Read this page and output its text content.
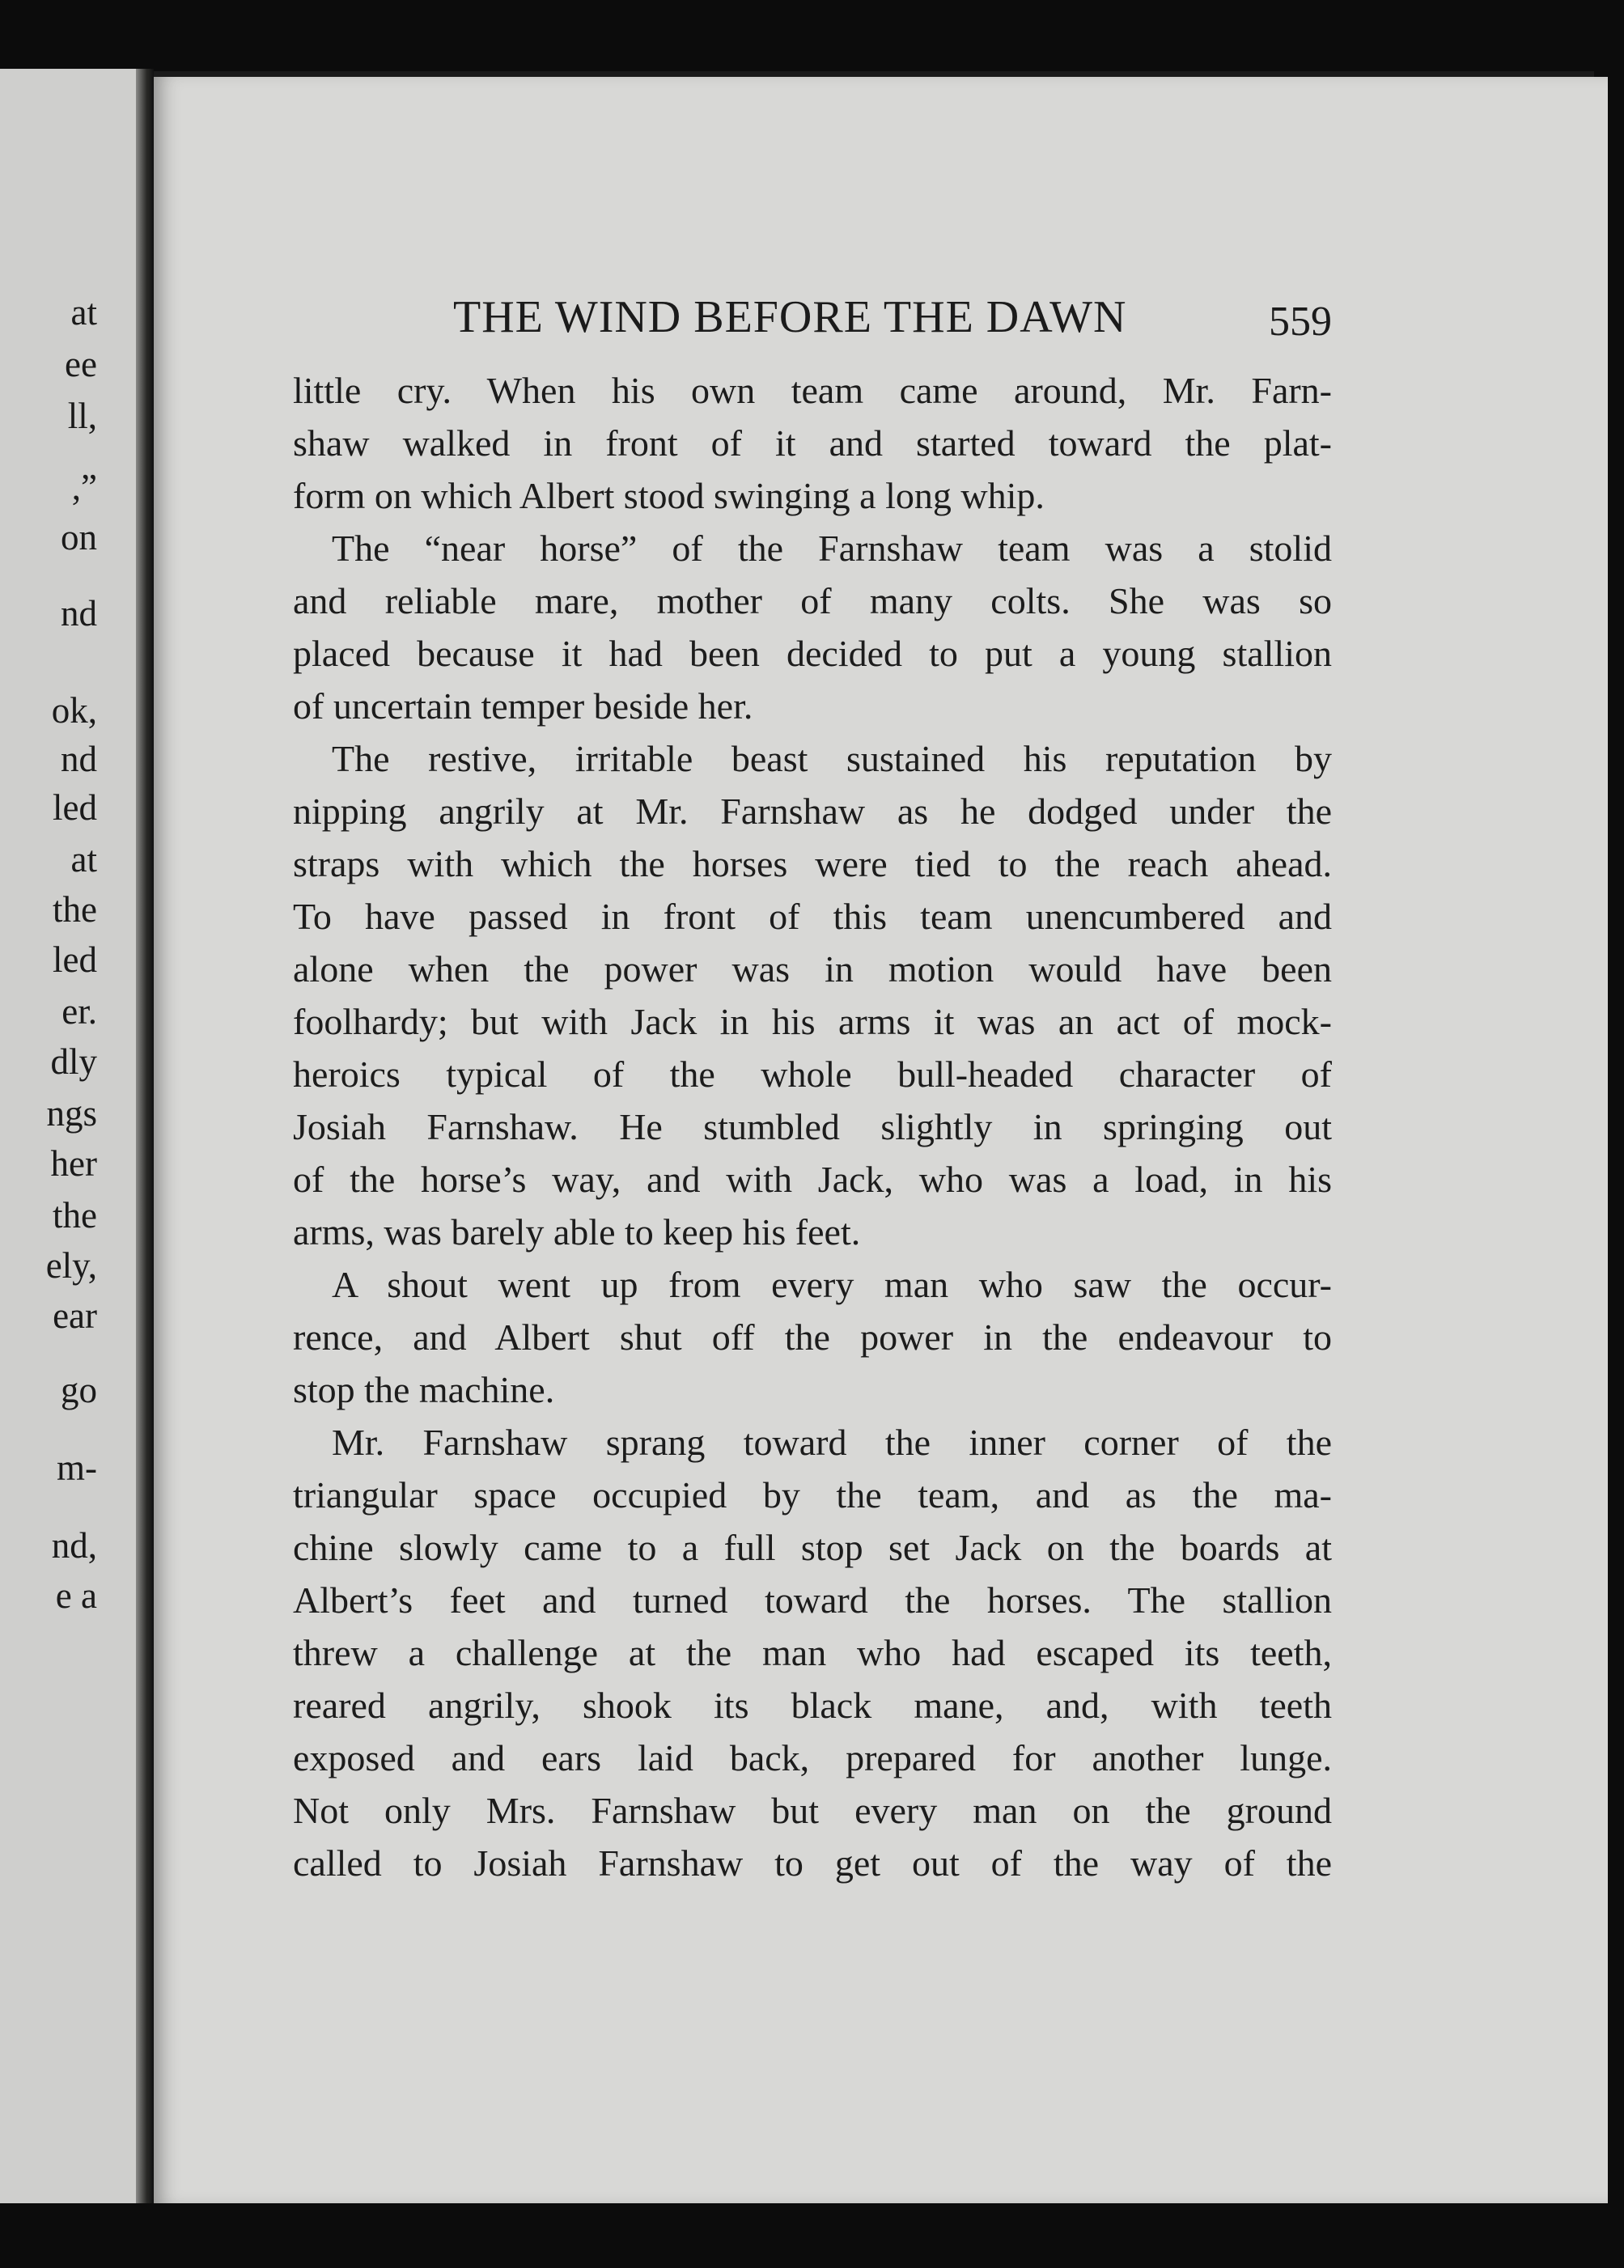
at
ee
ll,
,”
on
nd
ok,
nd
led
at
the
led
er.
dly
ngs
her
the
ely,
ear
go
m-
nd,
e a
THE WIND BEFORE THE DAWN	559
little cry. When his own team came around, Mr. Farn-
shaw walked in front of it and started toward the plat-
form on which Albert stood swinging a long whip.
The “near horse” of the Farnshaw team was a stolid
and reliable mare, mother of many colts. She was so
placed because it had been decided to put a young stallion
of uncertain temper beside her.
The restive, irritable beast sustained his reputation by
nipping angrily at Mr. Farnshaw as he dodged under the
straps with which the horses were tied to the reach ahead.
To have passed in front of this team unencumbered and
alone when the power was in motion would have been
foolhardy; but with Jack in his arms it was an act of mock-
heroics typical of the whole bull-headed character of
Josiah Farnshaw. He stumbled slightly in springing out
of the horse’s way, and with Jack, who was a load, in his
arms, was barely able to keep his feet.
A shout went up from every man who saw the occur-
rence, and Albert shut off the power in the endeavour to
stop the machine.
Mr. Farnshaw sprang toward the inner corner of the
triangular space occupied by the team, and as the ma-
chine slowly came to a full stop set Jack on the boards at
Albert’s feet and turned toward the horses. The stallion
threw a challenge at the man who had escaped its teeth,
reared angrily, shook its black mane, and, with teeth
exposed and ears laid back, prepared for another lunge.
Not only Mrs. Farnshaw but every man on the ground
called to Josiah Farnshaw to get out of the way of the
